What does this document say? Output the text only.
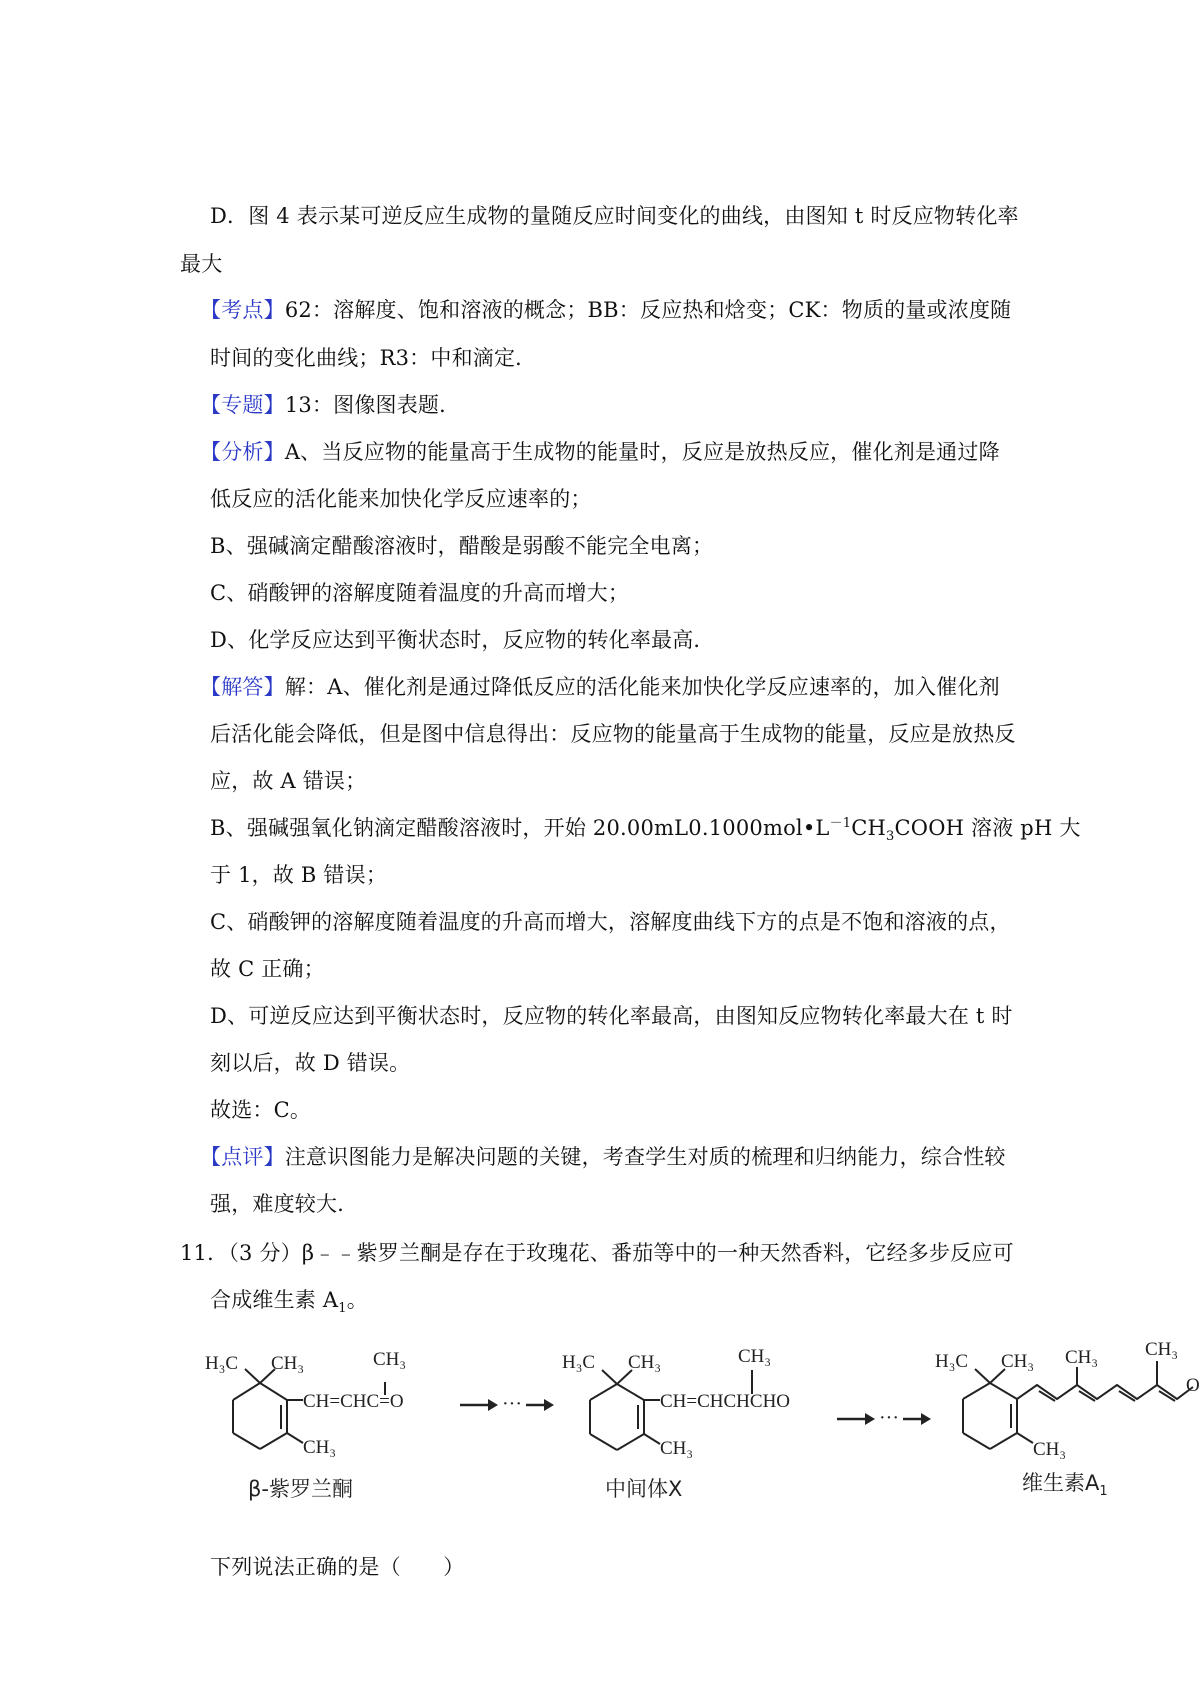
D．图 4 表示某可逆反应生成物的量随反应时间变化的曲线，由图知 t 时反应物转化率
最大
【考点】62：溶解度、饱和溶液的概念；BB：反应热和焓变；CK：物质的量或浓度随
时间的变化曲线；R3：中和滴定．
【专题】13：图像图表题．
【分析】A、当反应物的能量高于生成物的能量时，反应是放热反应，催化剂是通过降
低反应的活化能来加快化学反应速率的；
B、强碱滴定醋酸溶液时，醋酸是弱酸不能完全电离；
C、硝酸钾的溶解度随着温度的升高而增大；
D、化学反应达到平衡状态时，反应物的转化率最高．
【解答】解：A、催化剂是通过降低反应的活化能来加快化学反应速率的，加入催化剂
后活化能会降低，但是图中信息得出：反应物的能量高于生成物的能量，反应是放热反
应，故 A 错误；
B、强碱强氧化钠滴定醋酸溶液时，开始 $20.00mL0.1000mol•L^{-1}CH_3COOH$ 溶液 pH 大
于 1，故 B 错误；
C、硝酸钾的溶解度随着温度的升高而增大，溶解度曲线下方的点是不饱和溶液的点，
故 C 正确；
D、可逆反应达到平衡状态时，反应物的转化率最高，由图知反应物转化率最大在 t 时
刻以后，故 D 错误。
故选：C。
【点评】注意识图能力是解决问题的关键，考查学生对质的梳理和归纳能力，综合性较
强，难度较大．
11．（3 分）β﹣﹣紫罗兰酮是存在于玫瑰花、番茄等中的一种天然香料，它经多步反应可
合成维生素 $A_1$。
H₃C CH₃	CH₃
CH=CHC=O
CH₃
···
H₃C CH₃	CH₃
CH=CHCHCHO
CH₃
···
H₃C CH₃ CH₃ CH₃
CH₃
O
β-紫罗兰酮	中间体X	维生素$A_1$
下列说法正确的是（　　）
